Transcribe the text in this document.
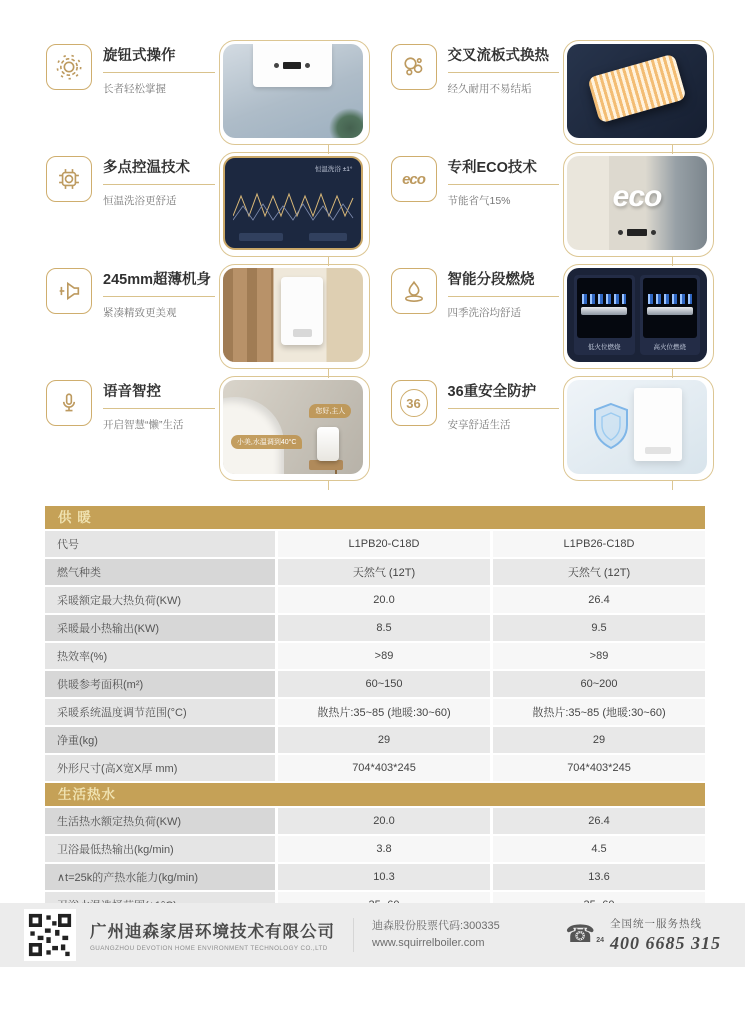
旋钮式操作
长者轻松掌握
交叉流板式换热
经久耐用不易结垢
多点控温技术
恒温洗浴更舒适
恒温洗浴 ±1°
eco
专利ECO技术
节能省气15%	eco
245mm超薄机身
紧凑精致更美观
智能分段燃烧
四季洗浴均舒适
低火位燃烧	高火位燃烧
语音智控
开启智慧“懒”生活
您好,主人
小美,水温调到40°C
36
36重安全防护
安享舒适生活
供 暖
代号	L1PB20-C18D	L1PB26-C18D
燃气种类	天然气 (12T)	天然气 (12T)
采暖额定最大热负荷(KW)	20.0	26.4
采暖最小热输出(KW)	8.5	9.5
热效率(%)	>89	>89
供暖参考面积(m²)	60~150	60~200
采暖系统温度调节范围(°C)	散热片:35~85 (地暖:30~60)	散热片:35~85 (地暖:30~60)
净重(kg)	29	29
外形尺寸(高X宽X厚 mm)	704*403*245	704*403*245
生活热水
生活热水额定热负荷(KW)	20.0	26.4
卫浴最低热输出(kg/min)	3.8	4.5
∧t=25k的产热水能力(kg/min)	10.3	13.6
广州迪森家居环境技术有限公司
GUANGZHOU DEVOTION HOME ENVIRONMENT TECHNOLOGY CO.,LTD
迪森股份股票代码:300335
www.squirrelboiler.com	☎ 24
全国统一服务热线
400 6685 315
